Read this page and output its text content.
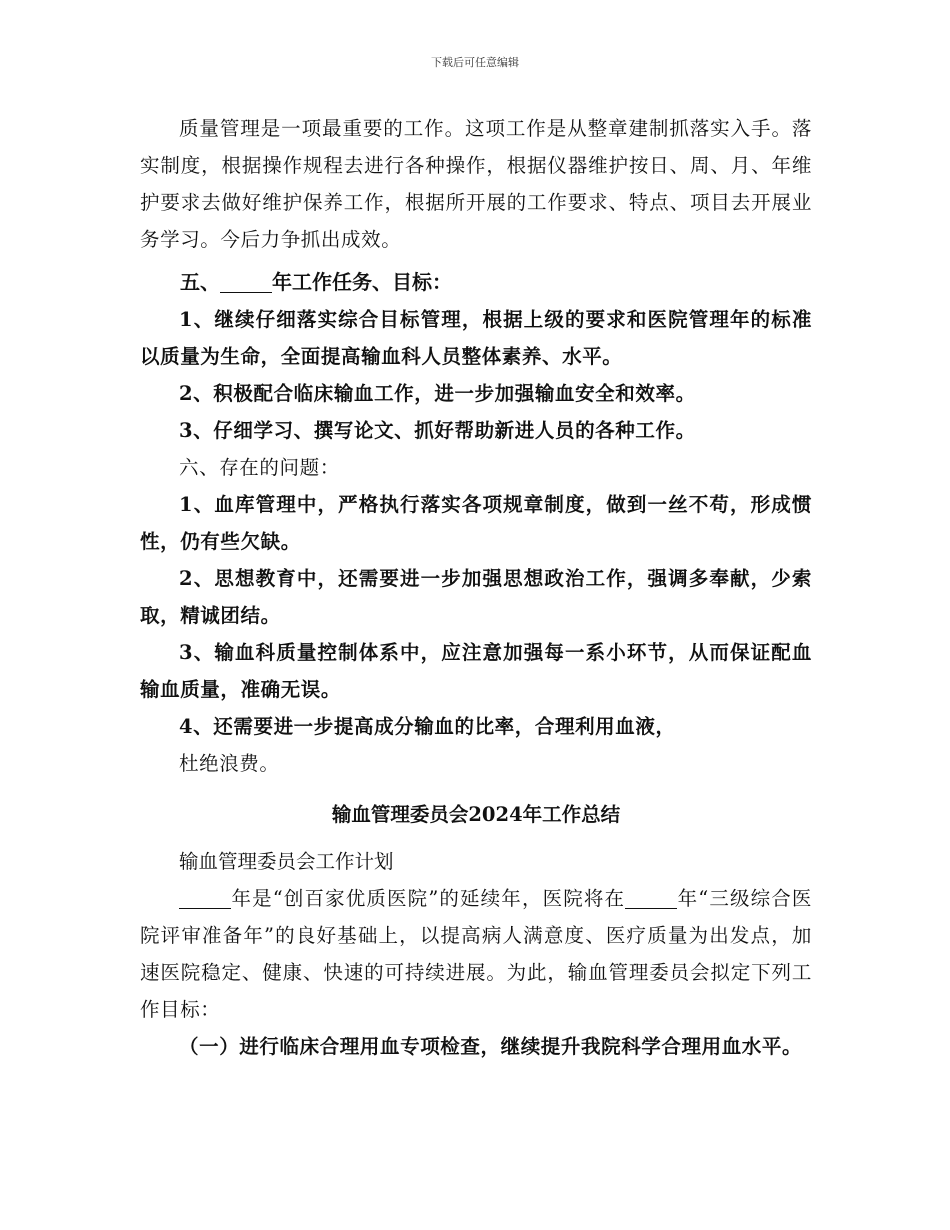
下载后可任意编辑

质量管理是一项最重要的工作。这项工作是从整章建制抓落实入手。落实制度，根据操作规程去进行各种操作，根据仪器维护按日、周、月、年维护要求去做好维护保养工作，根据所开展的工作要求、特点、项目去开展业务学习。今后力争抓出成效。

五、	年工作任务、目标：

1、继续仔细落实综合目标管理，根据上级的要求和医院管理年的标准以质量为生命，全面提高输血科人员整体素养、水平。

2、积极配合临床输血工作，进一步加强输血安全和效率。

3、仔细学习、撰写论文、抓好帮助新进人员的各种工作。

六、存在的问题：

1、血库管理中，严格执行落实各项规章制度，做到一丝不苟，形成惯性，仍有些欠缺。

2、思想教育中，还需要进一步加强思想政治工作，强调多奉献，少索取，精诚团结。

3、输血科质量控制体系中，应注意加强每一系小环节，从而保证配血输血质量，准确无误。

4、还需要进一步提高成分输血的比率，合理利用血液，

杜绝浪费。

输血管理委员会2024年工作总结

输血管理委员会工作计划

年是“创百家优质医院”的延续年，医院将在	年“三级综合医院评审准备年”的良好基础上，以提高病人满意度、医疗质量为出发点，加速医院稳定、健康、快速的可持续进展。为此，输血管理委员会拟定下列工作目标：

（一）进行临床合理用血专项检查，继续提升我院科学合理用血水平。
